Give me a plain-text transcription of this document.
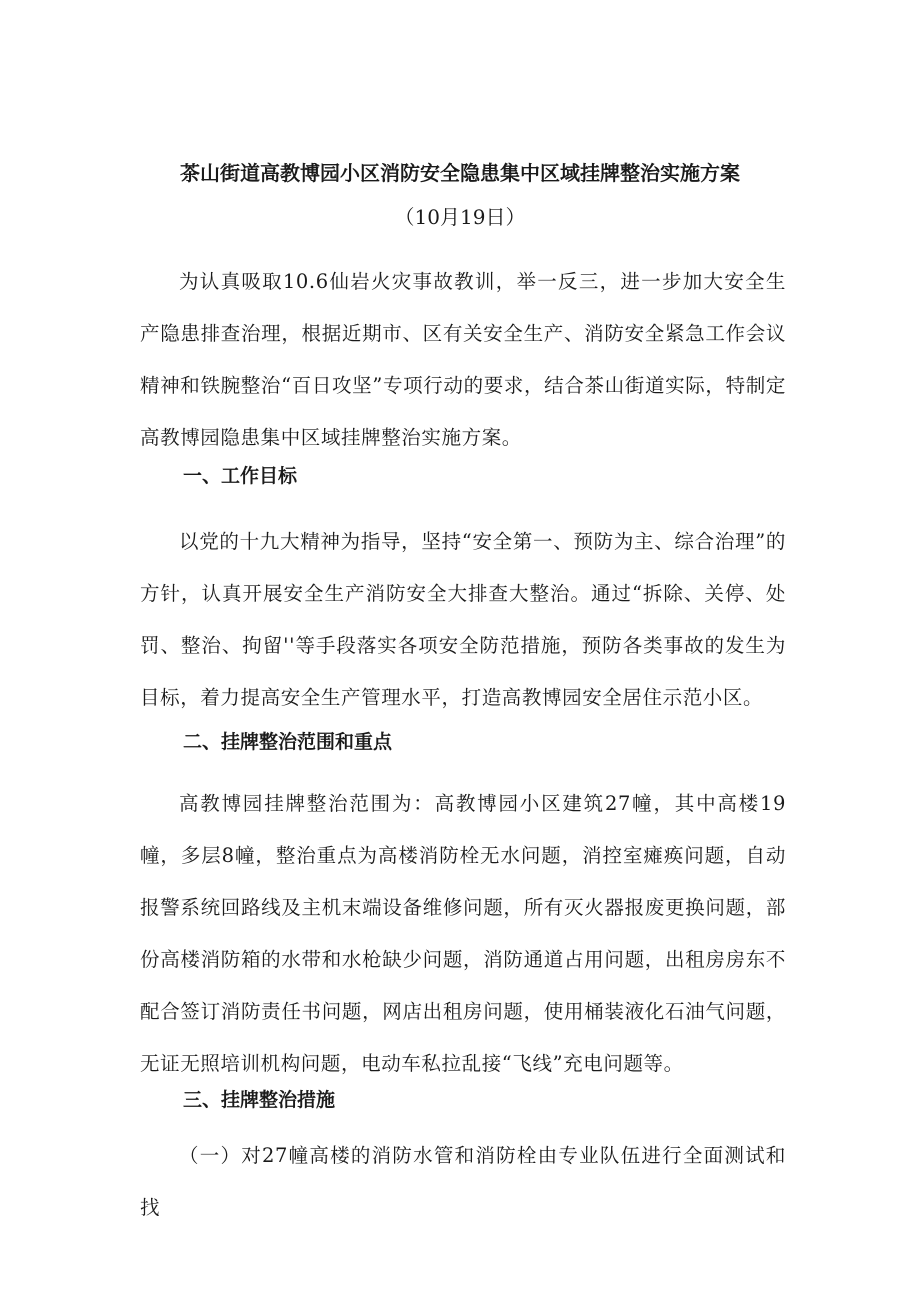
茶山街道高教博园小区消防安全隐患集中区域挂牌整治实施方案
（10月19日）

为认真吸取10.6仙岩火灾事故教训，举一反三，进一步加大安全生产隐患排查治理，根据近期市、区有关安全生产、消防安全紧急工作会议精神和铁腕整治“百日攻坚”专项行动的要求，结合茶山街道实际，特制定高教博园隐患集中区域挂牌整治实施方案。

一、工作目标

以党的十九大精神为指导，坚持“安全第一、预防为主、综合治理”的方针，认真开展安全生产消防安全大排查大整治。通过“拆除、关停、处罚、整治、拘留''等手段落实各项安全防范措施，预防各类事故的发生为目标，着力提高安全生产管理水平，打造高教博园安全居住示范小区。

二、挂牌整治范围和重点

高教博园挂牌整治范围为：高教博园小区建筑27幢，其中高楼19幢，多层8幢，整治重点为高楼消防栓无水问题，消控室瘫痪问题，自动报警系统回路线及主机末端设备维修问题，所有灭火器报废更换问题，部份高楼消防箱的水带和水枪缺少问题，消防通道占用问题，出租房房东不配合签订消防责任书问题，网店出租房问题，使用桶装液化石油气问题，无证无照培训机构问题，电动车私拉乱接“飞线”充电问题等。

三、挂牌整治措施

（一）对27幢高楼的消防水管和消防栓由专业队伍进行全面测试和找
